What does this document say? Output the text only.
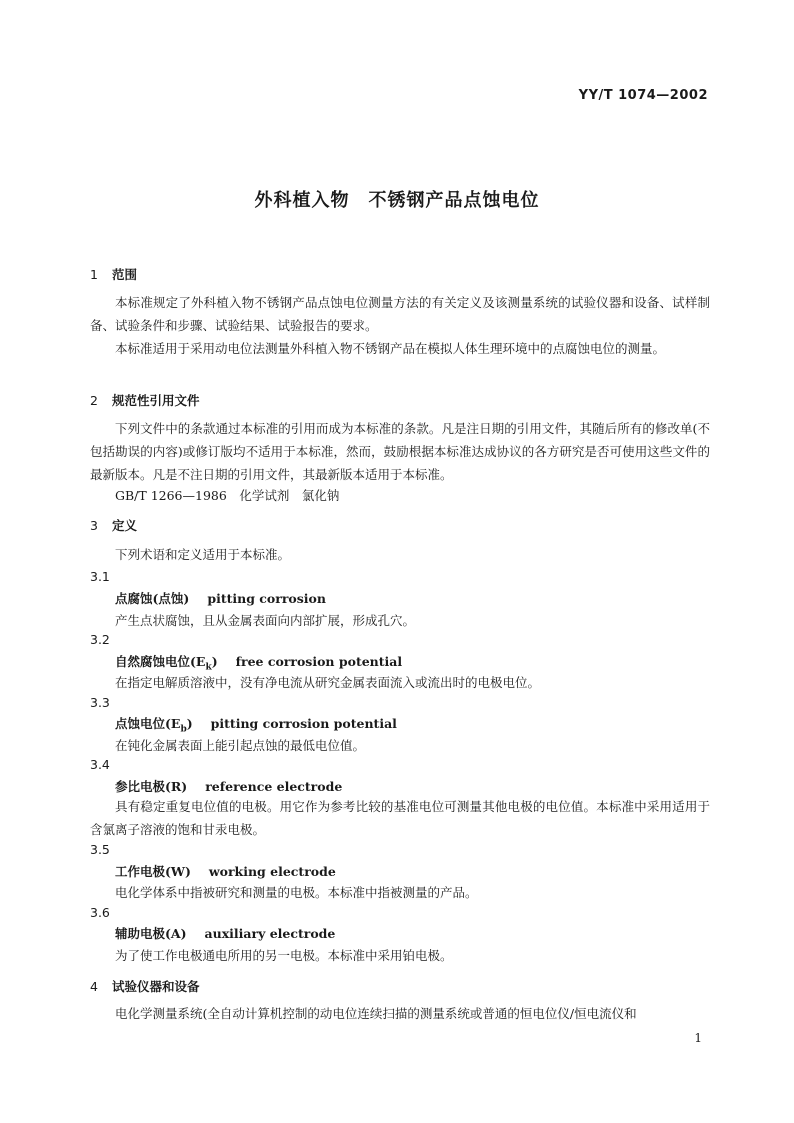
YY/T 1074—2002
外科植入物　不锈钢产品点蚀电位
1 范围
本标准规定了外科植入物不锈钢产品点蚀电位测量方法的有关定义及该测量系统的试验仪器和设备、试样制备、试验条件和步骤、试验结果、试验报告的要求。
本标准适用于采用动电位法测量外科植入物不锈钢产品在模拟人体生理环境中的点腐蚀电位的测量。
2 规范性引用文件
下列文件中的条款通过本标准的引用而成为本标准的条款。凡是注日期的引用文件，其随后所有的修改单(不包括勘误的内容)或修订版均不适用于本标准，然而，鼓励根据本标准达成协议的各方研究是否可使用这些文件的最新版本。凡是不注日期的引用文件，其最新版本适用于本标准。
GB/T 1266—1986　化学试剂　氯化钠
3 定义
下列术语和定义适用于本标准。
3.1
点腐蚀(点蚀) pitting corrosion
产生点状腐蚀，且从金属表面向内部扩展，形成孔穴。
3.2
自然腐蚀电位$(E_k)$ free corrosion potential
在指定电解质溶液中，没有净电流从研究金属表面流入或流出时的电极电位。
3.3
点蚀电位$(E_b)$ pitting corrosion potential
在钝化金属表面上能引起点蚀的最低电位值。
3.4
参比电极(R) reference electrode
具有稳定重复电位值的电极。用它作为参考比较的基准电位可测量其他电极的电位值。本标准中采用适用于含氯离子溶液的饱和甘汞电极。
3.5
工作电极(W) working electrode
电化学体系中指被研究和测量的电极。本标准中指被测量的产品。
3.6
辅助电极(A) auxiliary electrode
为了使工作电极通电所用的另一电极。本标准中采用铂电极。
4 试验仪器和设备
电化学测量系统(全自动计算机控制的动电位连续扫描的测量系统或普通的恒电位仪/恒电流仪和
1
